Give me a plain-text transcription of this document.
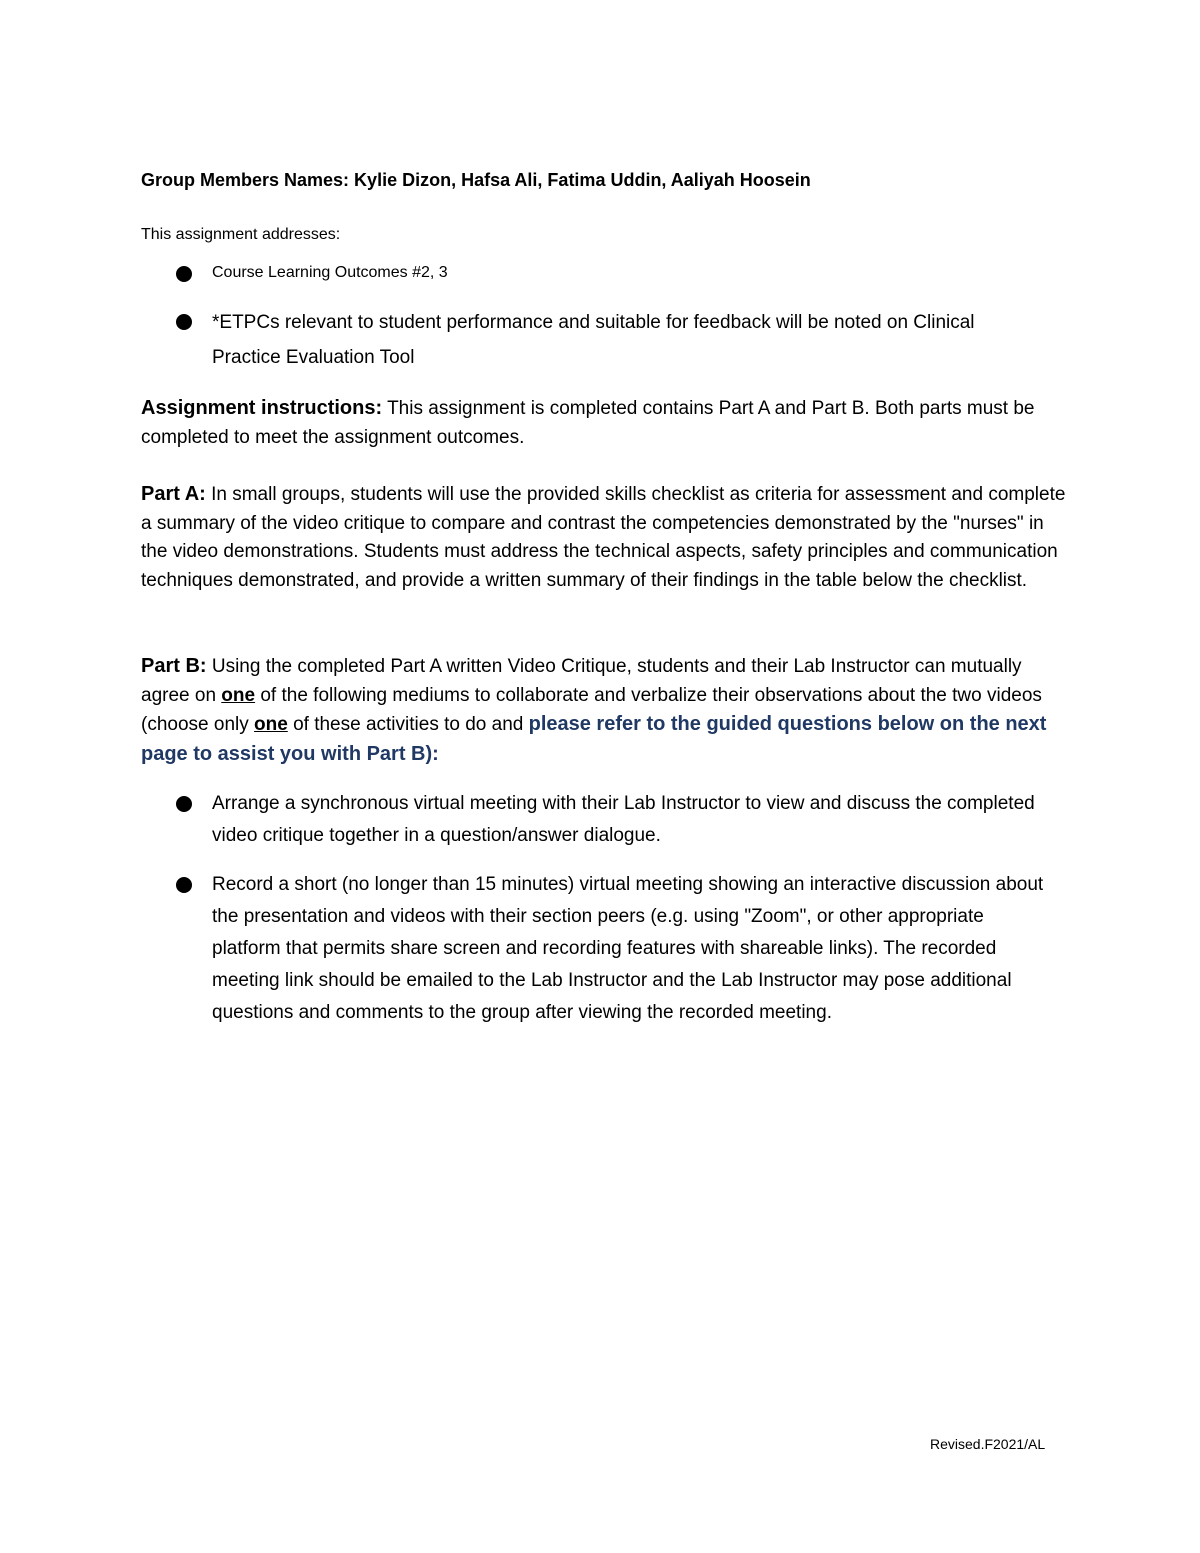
Group Members Names: Kylie Dizon, Hafsa Ali, Fatima Uddin, Aaliyah Hoosein
This assignment addresses:
Course Learning Outcomes #2, 3
*ETPCs relevant to student performance and suitable for feedback will be noted on Clinical Practice Evaluation Tool
Assignment instructions: This assignment is completed contains Part A and Part B. Both parts must be completed to meet the assignment outcomes.
Part A: In small groups, students will use the provided skills checklist as criteria for assessment and complete a summary of the video critique to compare and contrast the competencies demonstrated by the "nurses" in the video demonstrations. Students must address the technical aspects, safety principles and communication techniques demonstrated, and provide a written summary of their findings in the table below the checklist.
Part B: Using the completed Part A written Video Critique, students and their Lab Instructor can mutually agree on one of the following mediums to collaborate and verbalize their observations about the two videos (choose only one of these activities to do and please refer to the guided questions below on the next page to assist you with Part B):
Arrange a synchronous virtual meeting with their Lab Instructor to view and discuss the completed video critique together in a question/answer dialogue.
Record a short (no longer than 15 minutes) virtual meeting showing an interactive discussion about the presentation and videos with their section peers (e.g. using "Zoom", or other appropriate platform that permits share screen and recording features with shareable links). The recorded meeting link should be emailed to the Lab Instructor and the Lab Instructor may pose additional questions and comments to the group after viewing the recorded meeting.
Revised.F2021/AL
